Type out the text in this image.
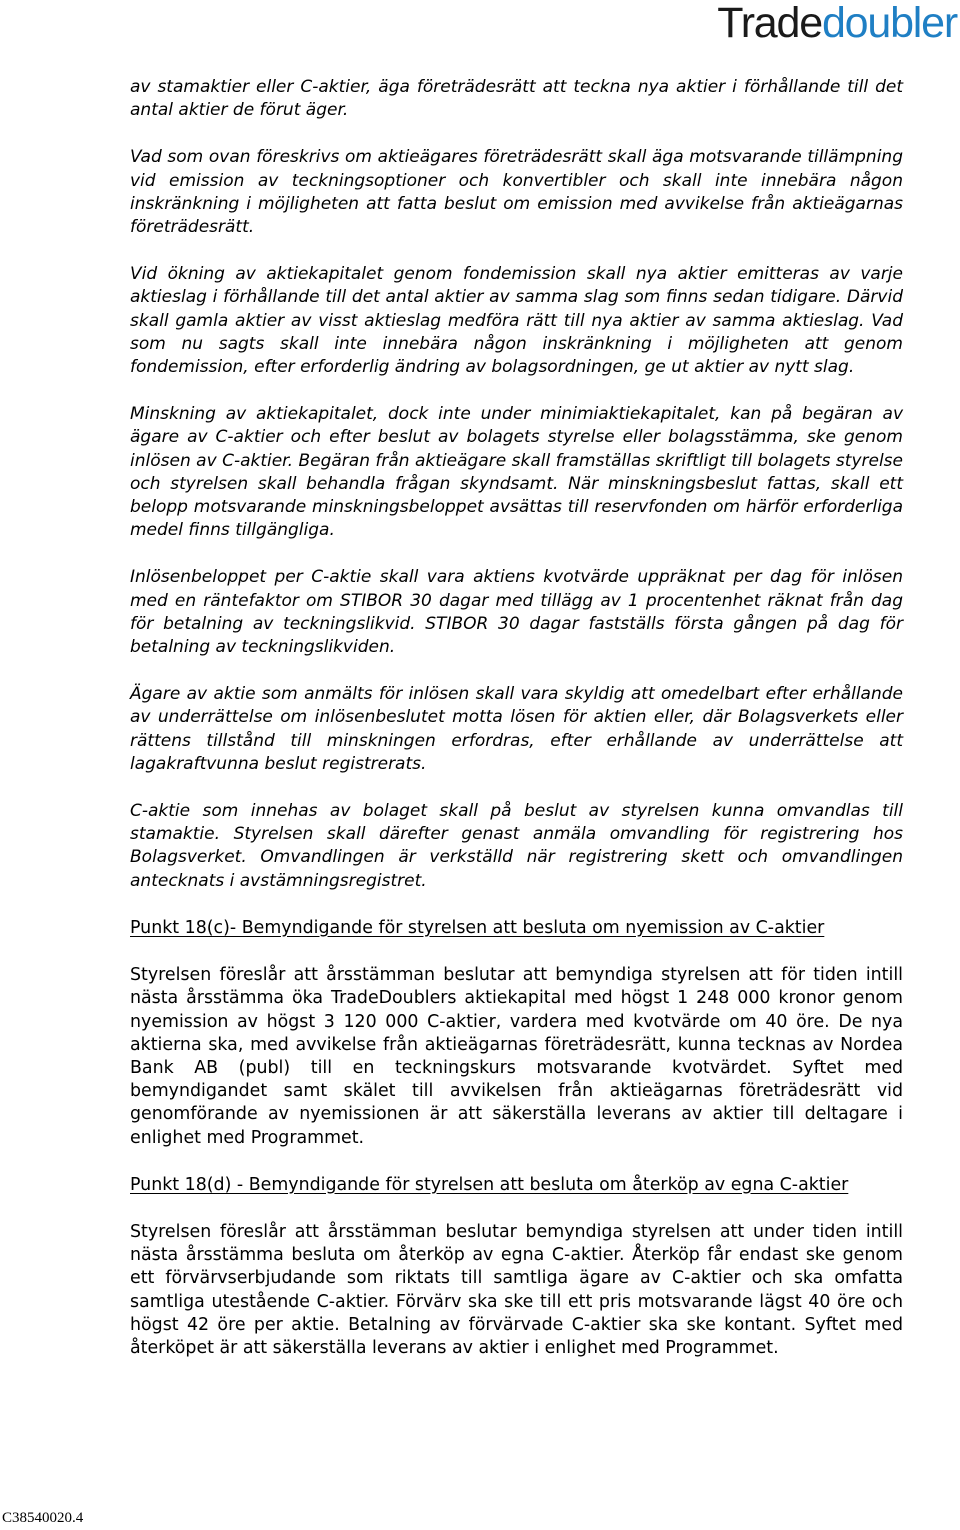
Tradedoubler

av stamaktier eller C-aktier, äga företrädesrätt att teckna nya aktier i förhållande till det antal aktier de förut äger.

Vad som ovan föreskrivs om aktieägares företrädesrätt skall äga motsvarande tillämpning vid emission av teckningsoptioner och konvertibler och skall inte innebära någon inskränkning i möjligheten att fatta beslut om emission med avvikelse från aktieägarnas företrädesrätt.

Vid ökning av aktiekapitalet genom fondemission skall nya aktier emitteras av varje aktieslag i förhållande till det antal aktier av samma slag som finns sedan tidigare. Därvid skall gamla aktier av visst aktieslag medföra rätt till nya aktier av samma aktieslag. Vad som nu sagts skall inte innebära någon inskränkning i möjligheten att genom fondemission, efter erforderlig ändring av bolagsordningen, ge ut aktier av nytt slag.

Minskning av aktiekapitalet, dock inte under minimiaktiekapitalet, kan på begäran av ägare av C-aktier och efter beslut av bolagets styrelse eller bolagsstämma, ske genom inlösen av C-aktier. Begäran från aktieägare skall framställas skriftligt till bolagets styrelse och styrelsen skall behandla frågan skyndsamt. När minskningsbeslut fattas, skall ett belopp motsvarande minskningsbeloppet avsättas till reservfonden om härför erforderliga medel finns tillgängliga.

Inlösenbeloppet per C-aktie skall vara aktiens kvotvärde uppräknat per dag för inlösen med en räntefaktor om STIBOR 30 dagar med tillägg av 1 procentenhet räknat från dag för betalning av teckningslikvid. STIBOR 30 dagar fastställs första gången på dag för betalning av teckningslikviden.

Ägare av aktie som anmälts för inlösen skall vara skyldig att omedelbart efter erhållande av underrättelse om inlösenbeslutet motta lösen för aktien eller, där Bolagsverkets eller rättens tillstånd till minskningen erfordras, efter erhållande av underrättelse att lagakraftvunna beslut registrerats.

C-aktie som innehas av bolaget skall på beslut av styrelsen kunna omvandlas till stamaktie. Styrelsen skall därefter genast anmäla omvandling för registrering hos Bolagsverket. Omvandlingen är verkställd när registrering skett och omvandlingen antecknats i avstämningsregistret.

Punkt 18(c)- Bemyndigande för styrelsen att besluta om nyemission av C-aktier

Styrelsen föreslår att årsstämman beslutar att bemyndiga styrelsen att för tiden intill nästa årsstämma öka TradeDoublers aktiekapital med högst 1 248 000 kronor genom nyemission av högst 3 120 000 C-aktier, vardera med kvotvärde om 40 öre. De nya aktierna ska, med avvikelse från aktieägarnas företrädesrätt, kunna tecknas av Nordea Bank AB (publ) till en teckningskurs motsvarande kvotvärdet. Syftet med bemyndigandet samt skälet till avvikelsen från aktieägarnas företrädesrätt vid genomförande av nyemissionen är att säkerställa leverans av aktier till deltagare i enlighet med Programmet.

Punkt 18(d) - Bemyndigande för styrelsen att besluta om återköp av egna C-aktier

Styrelsen föreslår att årsstämman beslutar bemyndiga styrelsen att under tiden intill nästa årsstämma besluta om återköp av egna C-aktier. Återköp får endast ske genom ett förvärvserbjudande som riktats till samtliga ägare av C-aktier och ska omfatta samtliga utestående C-aktier. Förvärv ska ske till ett pris motsvarande lägst 40 öre och högst 42 öre per aktie. Betalning av förvärvade C-aktier ska ske kontant. Syftet med återköpet är att säkerställa leverans av aktier i enlighet med Programmet.

C38540020.4
